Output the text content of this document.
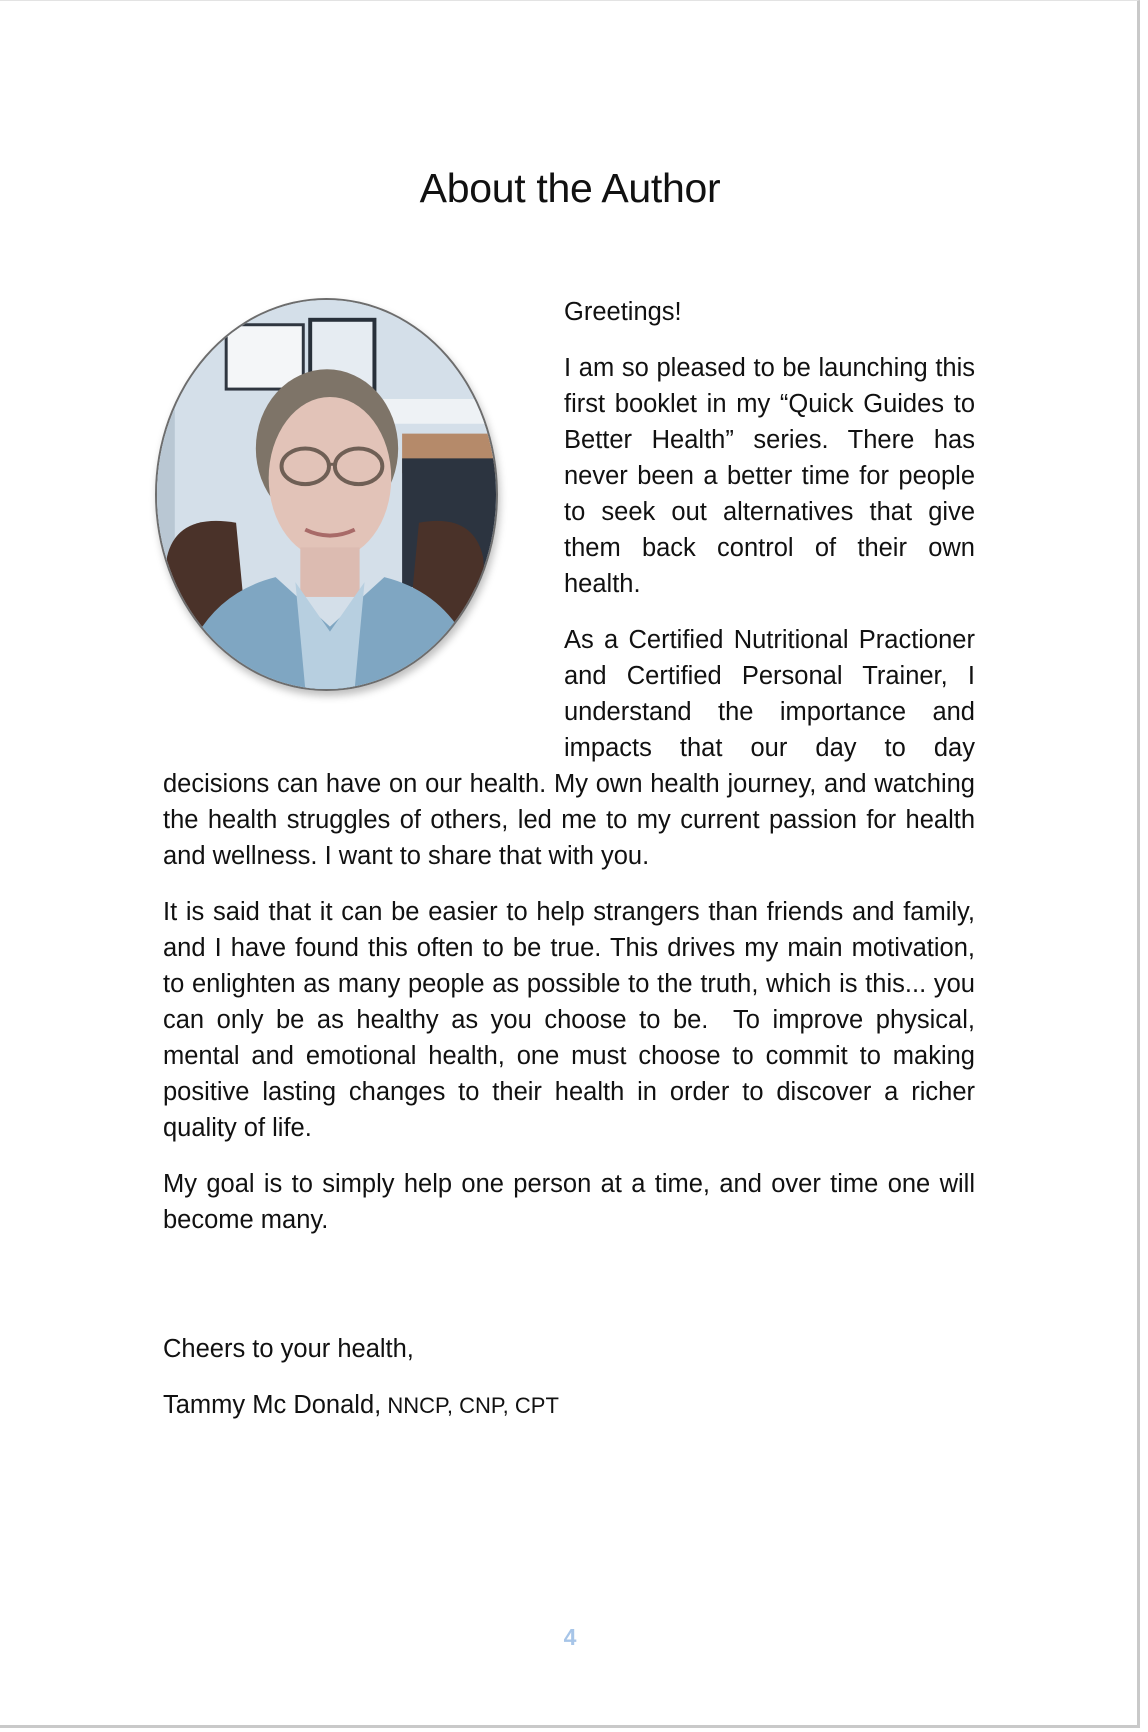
About the Author

Greetings!

I am so pleased to be launching this first booklet in my “Quick Guides to Better Health” series. There has never been a better time for people to seek out alternatives that give them back control of their own health.

As a Certified Nutritional Practioner and Certified Personal Trainer, I understand the importance and impacts that our day to day decisions can have on our health. My own health journey, and watching the health struggles of others, led me to my current passion for health and wellness. I want to share that with you.

It is said that it can be easier to help strangers than friends and family, and I have found this often to be true. This drives my main motivation, to enlighten as many people as possible to the truth, which is this... you can only be as healthy as you choose to be.  To improve physical, mental and emotional health, one must choose to commit to making positive lasting changes to their health in order to discover a richer quality of life.

My goal is to simply help one person at a time, and over time one will become many.

Cheers to your health,

Tammy Mc Donald, NNCP, CNP, CPT

4
